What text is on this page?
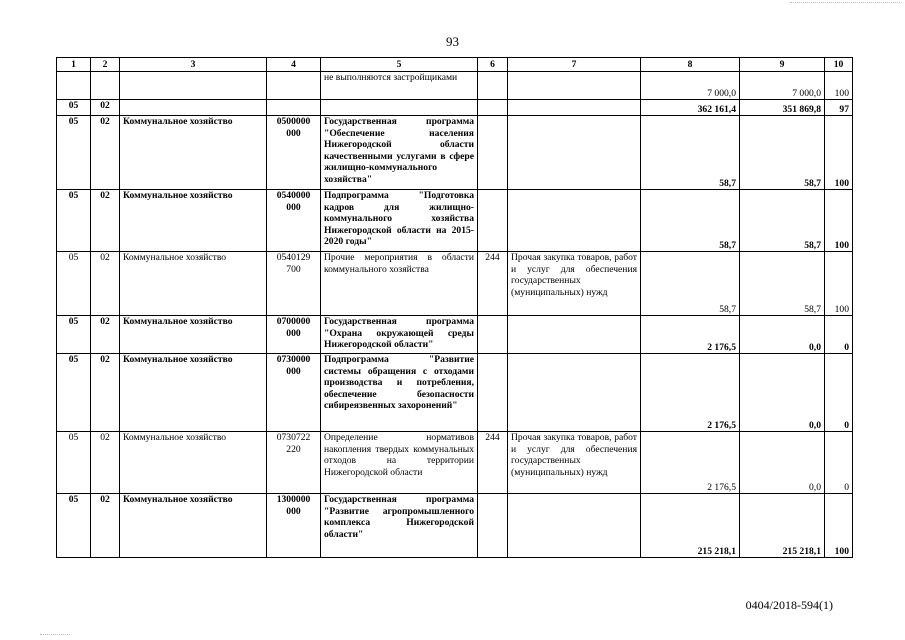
93
1	2	3	4	5	6	7	8	9	10
				не выполняются застройщиками			7 000,0	7 000,0	100
05	02						362 161,4	351 869,8	97
05	02	Коммунальное хозяйство	0500000 000	Государственная программа "Обеспечение населения Нижегородской области качественными услугами в сфере жилищно-коммунального хозяйства"			58,7	58,7	100
05	02	Коммунальное хозяйство	0540000 000	Подпрограмма "Подготовка кадров для жилищно-коммунального хозяйства Нижегородской области на 2015-2020 годы"			58,7	58,7	100
05	02	Коммунальное хозяйство	0540129 700	Прочие мероприятия в области коммунального хозяйства	244	Прочая закупка товаров, работ и услуг для обеспечения государственных (муниципальных) нужд	58,7	58,7	100
05	02	Коммунальное хозяйство	0700000 000	Государственная программа "Охрана окружающей среды Нижегородской области"			2 176,5	0,0	0
05	02	Коммунальное хозяйство	0730000 000	Подпрограмма "Развитие системы обращения с отходами производства и потребления, обеспечение безопасности сибиреязвенных захоронений"			2 176,5	0,0	0
05	02	Коммунальное хозяйство	0730722 220	Определение нормативов накопления твердых коммунальных отходов на территории Нижегородской области	244	Прочая закупка товаров, работ и услуг для обеспечения государственных (муниципальных) нужд	2 176,5	0,0	0
05	02	Коммунальное хозяйство	1300000 000	Государственная программа "Развитие агропромышленного комплекса Нижегородской области"			215 218,1	215 218,1	100
0404/2018-594(1)
